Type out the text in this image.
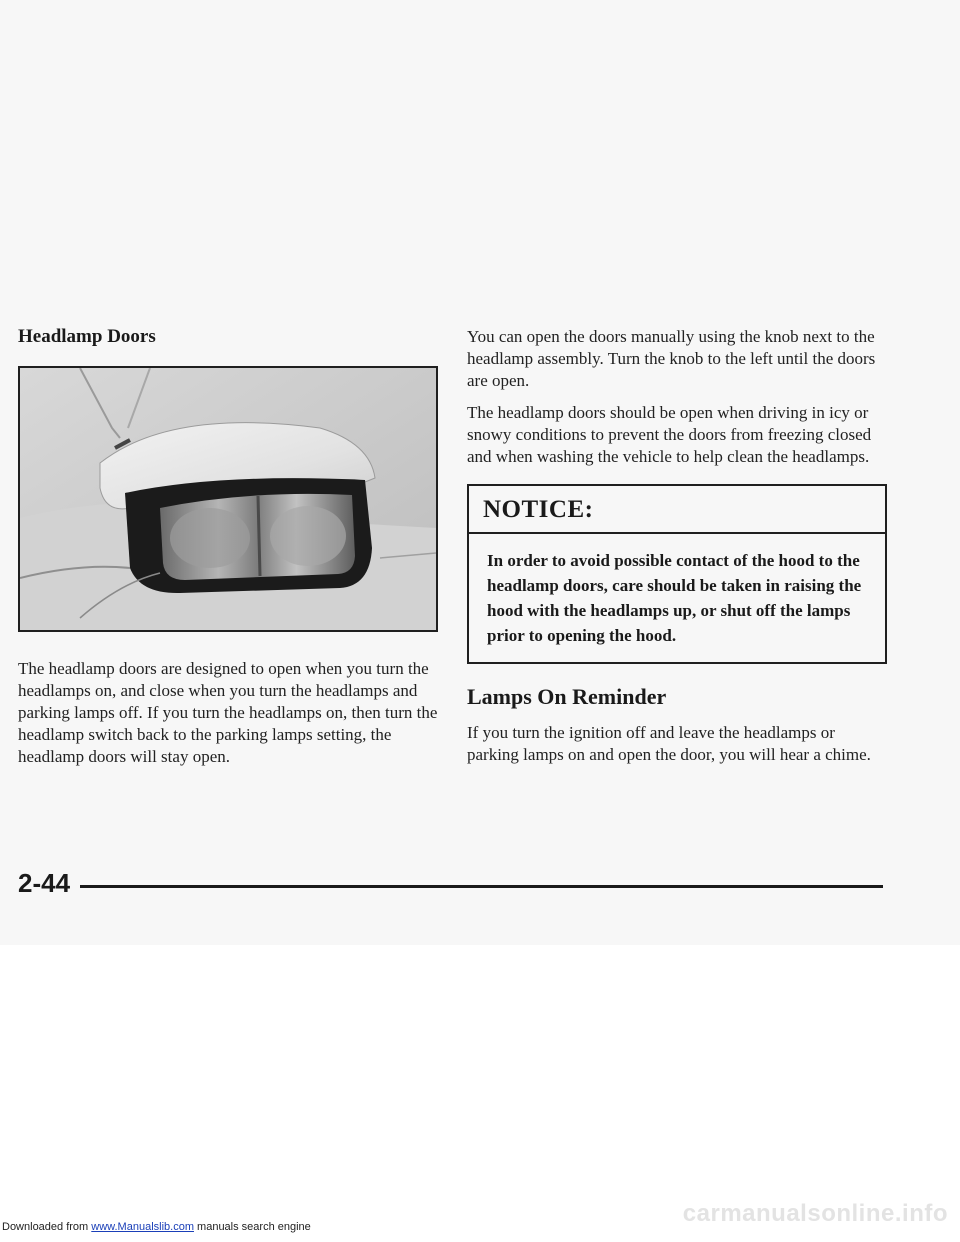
Headlamp Doors

The headlamp doors are designed to open when you turn the headlamps on, and close when you turn the headlamps and parking lamps off. If you turn the headlamps on, then turn the headlamp switch back to the parking lamps setting, the headlamp doors will stay open.

You can open the doors manually using the knob next to the headlamp assembly. Turn the knob to the left until the doors are open.

The headlamp doors should be open when driving in icy or snowy conditions to prevent the doors from freezing closed and when washing the vehicle to help clean the headlamps.

NOTICE:

In order to avoid possible contact of the hood to the headlamp doors, care should be taken in raising the hood with the headlamps up, or shut off the lamps prior to opening the hood.
Lamps On Reminder

If you turn the ignition off and leave the headlamps or parking lamps on and open the door, you will hear a chime.

2-44
carmanualsonline.info
Downloaded from www.Manualslib.com manuals search engine
